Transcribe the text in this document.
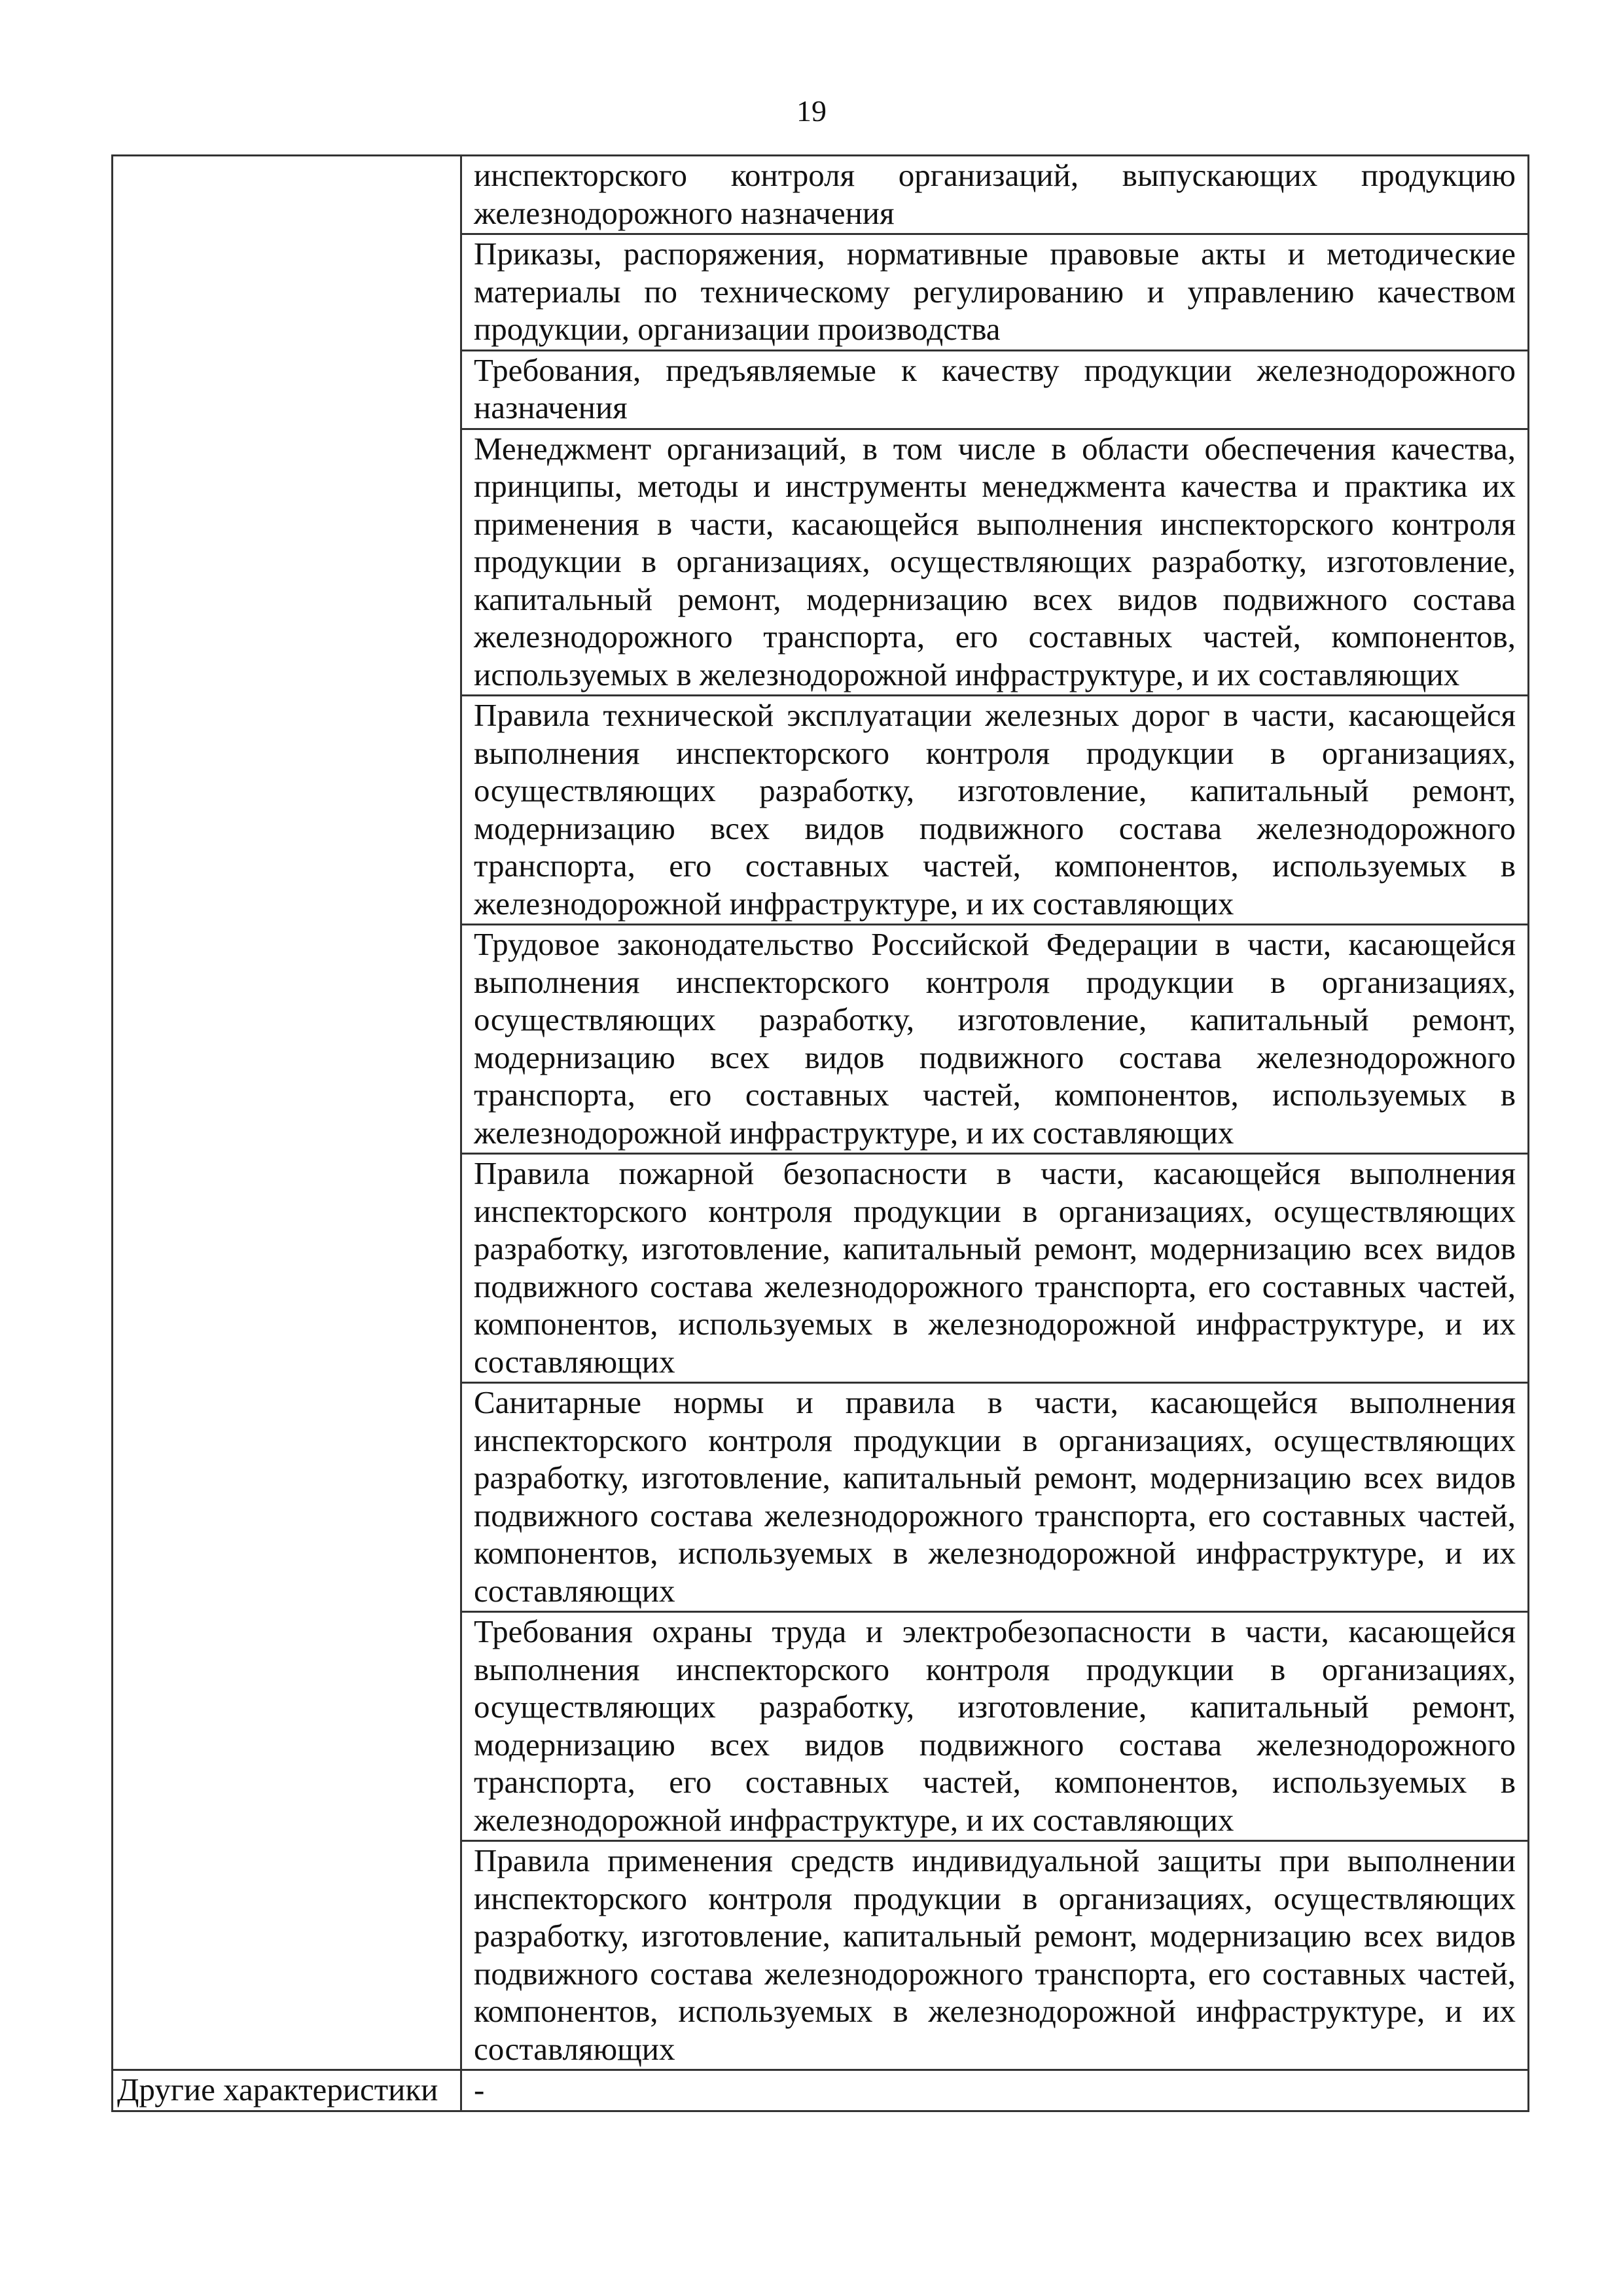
19
	инспекторского контроля организаций, выпускающих продукцию железнодорожного назначения
	Приказы, распоряжения, нормативные правовые акты и методические материалы по техническому регулированию и управлению качеством продукции, организации производства
	Требования, предъявляемые к качеству продукции железнодорожного назначения
	Менеджмент организаций, в том числе в области обеспечения качества, принципы, методы и инструменты менеджмента качества и практика их применения в части, касающейся выполнения инспекторского контроля продукции в организациях, осуществляющих разработку, изготовление, капитальный ремонт, модернизацию всех видов подвижного состава железнодорожного транспорта, его составных частей, компонентов, используемых в железнодорожной инфраструктуре, и их составляющих
	Правила технической эксплуатации железных дорог в части, касающейся выполнения инспекторского контроля продукции в организациях, осуществляющих разработку, изготовление, капитальный ремонт, модернизацию всех видов подвижного состава железнодорожного транспорта, его составных частей, компонентов, используемых в железнодорожной инфраструктуре, и их составляющих
	Трудовое законодательство Российской Федерации в части, касающейся выполнения инспекторского контроля продукции в организациях, осуществляющих разработку, изготовление, капитальный ремонт, модернизацию всех видов подвижного состава железнодорожного транспорта, его составных частей, компонентов, используемых в железнодорожной инфраструктуре, и их составляющих
	Правила пожарной безопасности в части, касающейся выполнения инспекторского контроля продукции в организациях, осуществляющих разработку, изготовление, капитальный ремонт, модернизацию всех видов подвижного состава железнодорожного транспорта, его составных частей, компонентов, используемых в железнодорожной инфраструктуре, и их составляющих
	Санитарные нормы и правила в части, касающейся выполнения инспекторского контроля продукции в организациях, осуществляющих разработку, изготовление, капитальный ремонт, модернизацию всех видов подвижного состава железнодорожного транспорта, его составных частей, компонентов, используемых в железнодорожной инфраструктуре, и их составляющих
	Требования охраны труда и электробезопасности в части, касающейся выполнения инспекторского контроля продукции в организациях, осуществляющих разработку, изготовление, капитальный ремонт, модернизацию всех видов подвижного состава железнодорожного транспорта, его составных частей, компонентов, используемых в железнодорожной инфраструктуре, и их составляющих
	Правила применения средств индивидуальной защиты при выполнении инспекторского контроля продукции в организациях, осуществляющих разработку, изготовление, капитальный ремонт, модернизацию всех видов подвижного состава железнодорожного транспорта, его составных частей, компонентов, используемых в железнодорожной инфраструктуре, и их составляющих
Другие характеристики	-
